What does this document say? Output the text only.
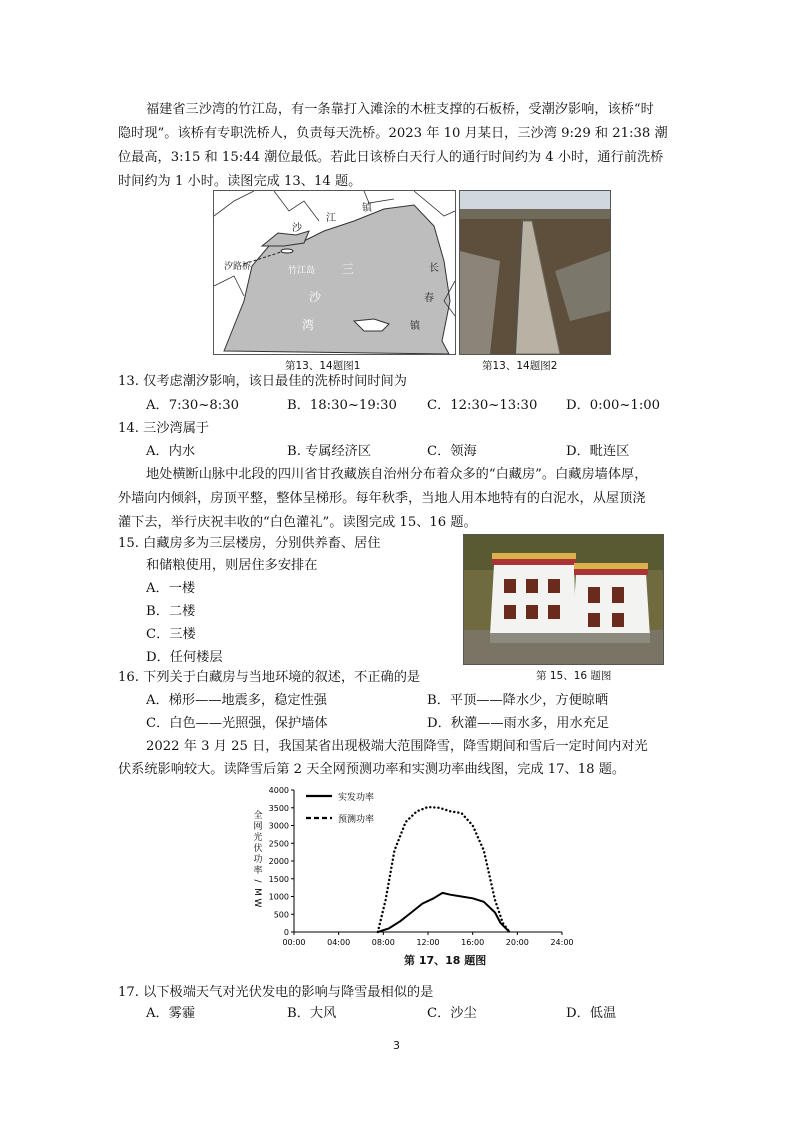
福建省三沙湾的竹江岛，有一条靠打入滩涂的木桩支撑的石板桥，受潮汐影响，该桥“时
隐时现”。该桥有专职洗桥人，负责每天洗桥。2023 年 10 月某日，三沙湾 9:29 和 21:38 潮
位最高，3:15 和 15:44 潮位最低。若此日该桥白天行人的通行时间约为 4 小时，通行前洗桥
时间约为 1 小时。读图完成 13、14 题。
沙
江
镇
汐路桥	竹江岛 三
沙
湾
长
春
镇
第13、14题图1	第13、14题图2
13. 仅考虑潮汐影响，该日最佳的洗桥时间时间为
A．7:30~8:30	B．18:30~19:30 C．12:30~13:30 D．0:00~1:00
14. 三沙湾属于
A．内水	B. 专属经济区	C．领海	D．毗连区
地处横断山脉中北段的四川省甘孜藏族自治州分布着众多的“白藏房”。白藏房墙体厚，
外墙向内倾斜，房顶平整，整体呈梯形。每年秋季，当地人用本地特有的白泥水，从屋顶浇
灌下去，举行庆祝丰收的“白色灌礼”。读图完成 15、16 题。
15. 白藏房多为三层楼房，分别供养畜、居住
和储粮使用，则居住多安排在
A．一楼
B．二楼
C．三楼
D．任何楼层
第 15、16 题图
16. 下列关于白藏房与当地环境的叙述，不正确的是
A．梯形——地震多，稳定性强	B．平顶——降水少，方便晾晒
C．白色——光照强，保护墙体	D．秋灌——雨水多，用水充足
2022 年 3 月 25 日，我国某省出现极端大范围降雪，降雪期间和雪后一定时间内对光
伏系统影响较大。读降雪后第 2 天全网预测功率和实测功率曲线图，完成 17、18 题。
全
网
光
伏
功
率
/
M
W
0
500
1000
1500
2000
2500
3000
3500
4000
00:00	04:00	08:00	12:00	16:00	20:00	24:00
实发功率
预测功率
第 17、18 题图
17. 以下极端天气对光伏发电的影响与降雪最相似的是
A．雾霾	B．大风	C．沙尘	D．低温
3
